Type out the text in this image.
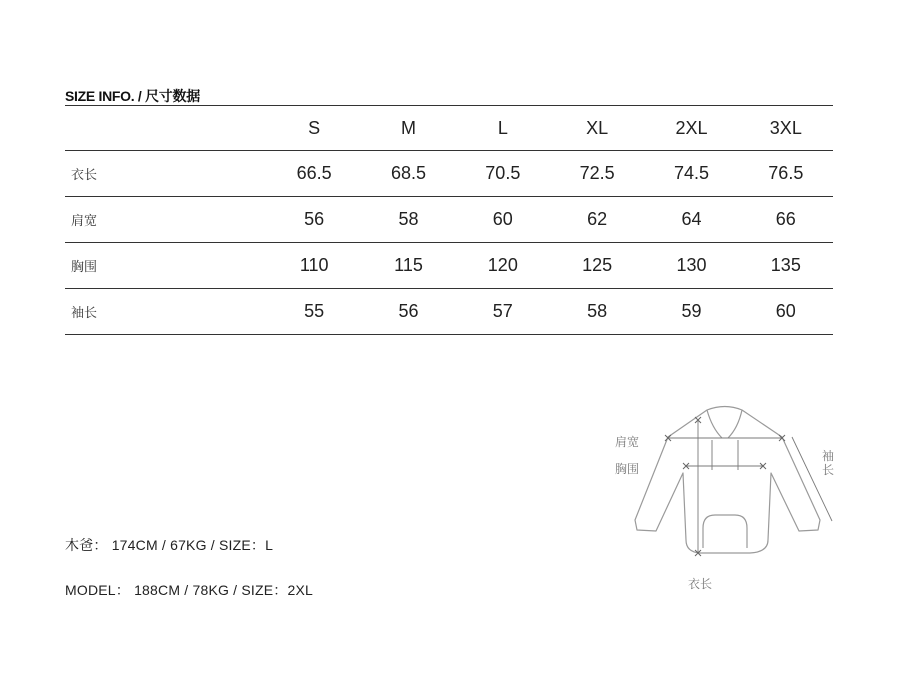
SIZE INFO. / 尺寸数据
	S	M	L	XL	2XL	3XL
衣长	66.5	68.5	70.5	72.5	74.5	76.5
肩宽	56	58	60	62	64	66
胸围	110	115	120	125	130	135
袖长	55	56	57	58	59	60
木爸： 174CM / 67KG / SIZE：L
MODEL： 188CM / 78KG / SIZE：2XL
肩宽
胸围
衣长
袖长
